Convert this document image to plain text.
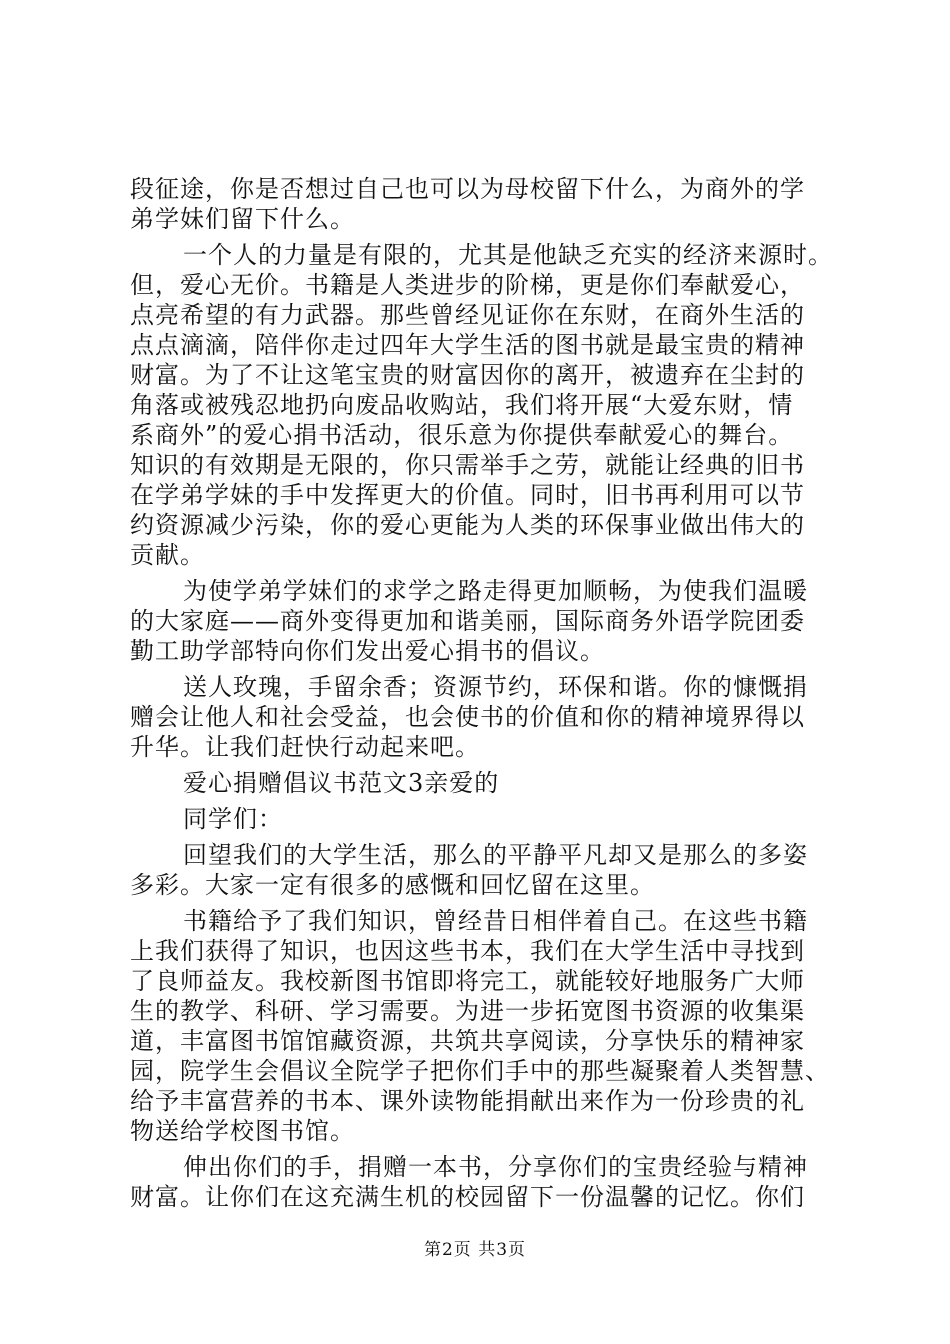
段征途，你是否想过自己也可以为母校留下什么，为商外的学
弟学妹们留下什么。
一个人的力量是有限的，尤其是他缺乏充实的经济来源时。
但，爱心无价。书籍是人类进步的阶梯，更是你们奉献爱心，
点亮希望的有力武器。那些曾经见证你在东财，在商外生活的
点点滴滴，陪伴你走过四年大学生活的图书就是最宝贵的精神
财富。为了不让这笔宝贵的财富因你的离开，被遗弃在尘封的
角落或被残忍地扔向废品收购站，我们将开展“大爱东财，情
系商外”的爱心捐书活动，很乐意为你提供奉献爱心的舞台。
知识的有效期是无限的，你只需举手之劳，就能让经典的旧书
在学弟学妹的手中发挥更大的价值。同时，旧书再利用可以节
约资源减少污染，你的爱心更能为人类的环保事业做出伟大的
贡献。
为使学弟学妹们的求学之路走得更加顺畅，为使我们温暖
的大家庭——商外变得更加和谐美丽，国际商务外语学院团委
勤工助学部特向你们发出爱心捐书的倡议。
送人玫瑰，手留余香；资源节约，环保和谐。你的慷慨捐
赠会让他人和社会受益，也会使书的价值和你的精神境界得以
升华。让我们赶快行动起来吧。
爱心捐赠倡议书范文3亲爱的
同学们：
回望我们的大学生活，那么的平静平凡却又是那么的多姿
多彩。大家一定有很多的感慨和回忆留在这里。
书籍给予了我们知识，曾经昔日相伴着自己。在这些书籍
上我们获得了知识，也因这些书本，我们在大学生活中寻找到
了良师益友。我校新图书馆即将完工，就能较好地服务广大师
生的教学、科研、学习需要。为进一步拓宽图书资源的收集渠
道，丰富图书馆馆藏资源，共筑共享阅读，分享快乐的精神家
园，院学生会倡议全院学子把你们手中的那些凝聚着人类智慧、
给予丰富营养的书本、课外读物能捐献出来作为一份珍贵的礼
物送给学校图书馆。
伸出你们的手，捐赠一本书，分享你们的宝贵经验与精神
财富。让你们在这充满生机的校园留下一份温馨的记忆。你们
第2页 共3页
